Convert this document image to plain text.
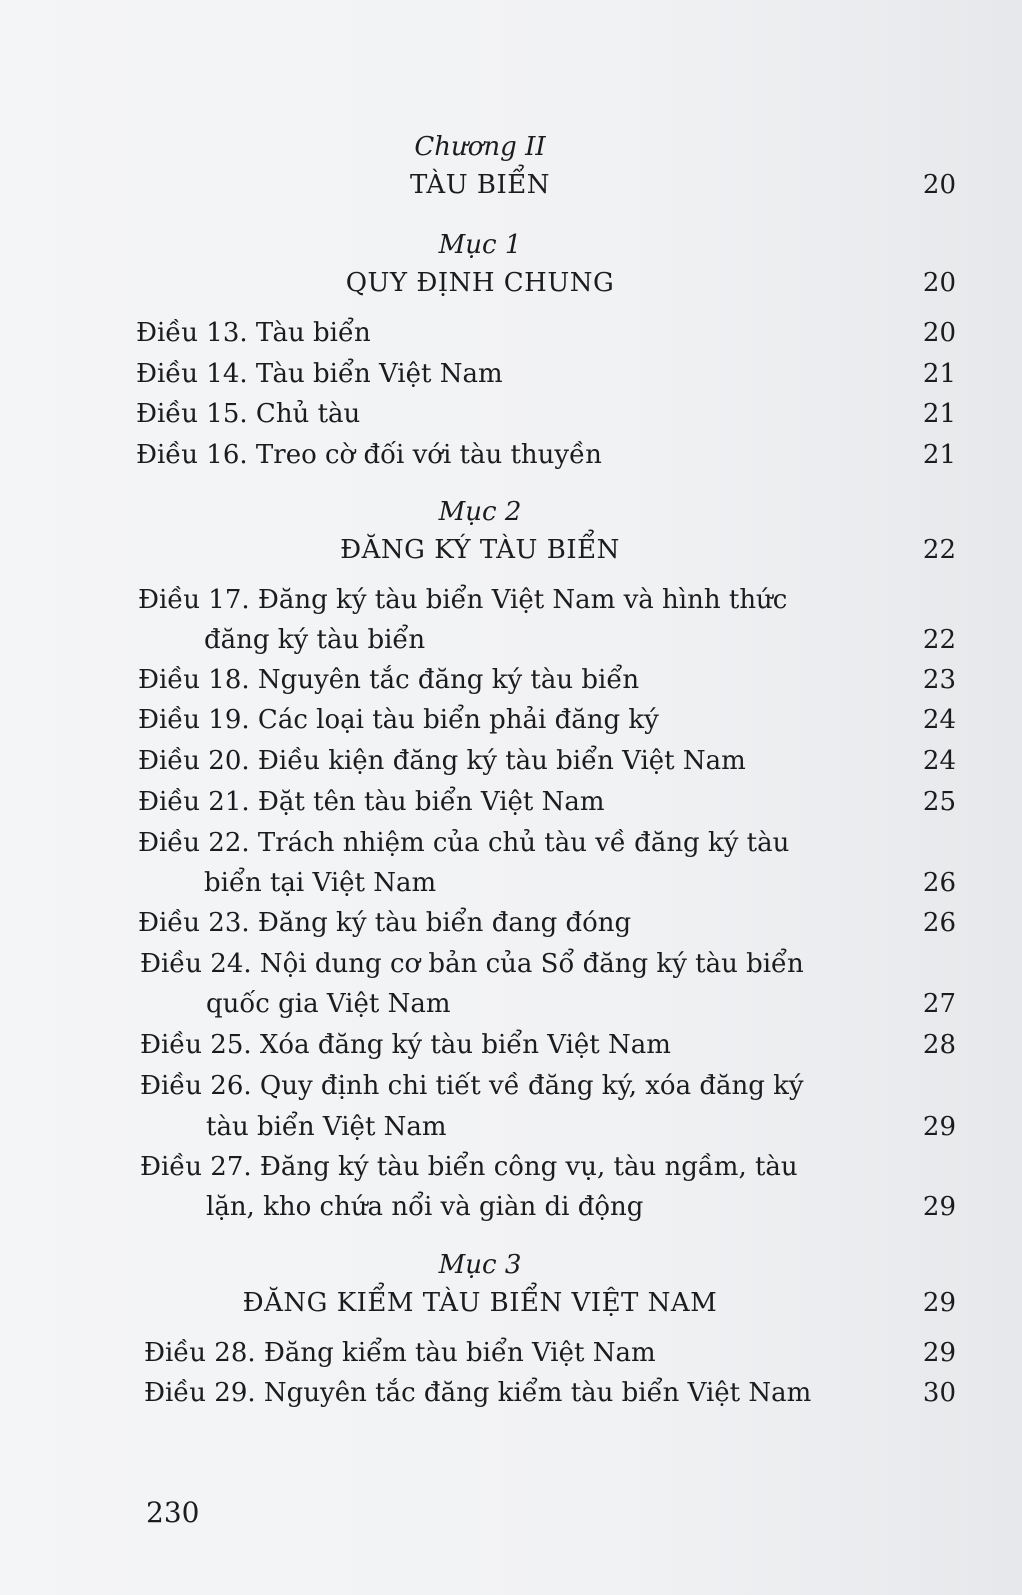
Chương II
TÀU BIỂN	20
Mục 1
QUY ĐỊNH CHUNG	20
Điều 13. Tàu biển	20
Điều 14. Tàu biển Việt Nam	21
Điều 15. Chủ tàu	21
Điều 16. Treo cờ đối với tàu thuyền	21
Mục 2
ĐĂNG KÝ TÀU BIỂN	22
Điều 17. Đăng ký tàu biển Việt Nam và hình thức
đăng ký tàu biển	22
Điều 18. Nguyên tắc đăng ký tàu biển	23
Điều 19. Các loại tàu biển phải đăng ký	24
Điều 20. Điều kiện đăng ký tàu biển Việt Nam	24
Điều 21. Đặt tên tàu biển Việt Nam	25
Điều 22. Trách nhiệm của chủ tàu về đăng ký tàu
biển tại Việt Nam	26
Điều 23. Đăng ký tàu biển đang đóng	26
Điều 24. Nội dung cơ bản của Sổ đăng ký tàu biển
quốc gia Việt Nam	27
Điều 25. Xóa đăng ký tàu biển Việt Nam	28
Điều 26. Quy định chi tiết về đăng ký, xóa đăng ký
tàu biển Việt Nam	29
Điều 27. Đăng ký tàu biển công vụ, tàu ngầm, tàu
lặn, kho chứa nổi và giàn di động	29
Mục 3
ĐĂNG KIỂM TÀU BIỂN VIỆT NAM	29
Điều 28. Đăng kiểm tàu biển Việt Nam	29
Điều 29. Nguyên tắc đăng kiểm tàu biển Việt Nam	30
230
